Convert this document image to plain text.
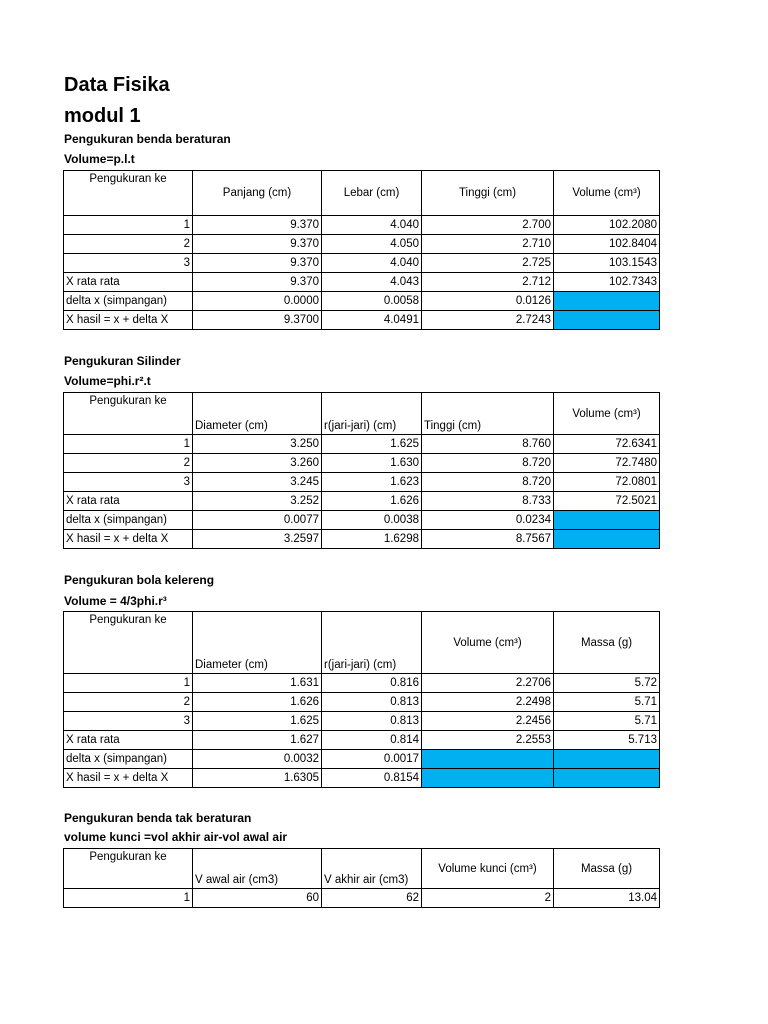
Data Fisika
modul 1
Pengukuran benda beraturan
Volume=p.l.t
Pengukuran ke	Panjang (cm)	Lebar (cm)	Tinggi (cm)	Volume (cm³)
1	9.370	4.040	2.700	102.2080
2	9.370	4.050	2.710	102.8404
3	9.370	4.040	2.725	103.1543
X rata rata	9.370	4.043	2.712	102.7343
delta x (simpangan)	0.0000	0.0058	0.0126	
X hasil = x + delta X	9.3700	4.0491	2.7243	
Pengukuran Silinder
Volume=phi.r².t
Pengukuran ke	Diameter (cm)	r(jari-jari) (cm)	Tinggi (cm)	Volume (cm³)
1	3.250	1.625	8.760	72.6341
2	3.260	1.630	8.720	72.7480
3	3.245	1.623	8.720	72.0801
X rata rata	3.252	1.626	8.733	72.5021
delta x (simpangan)	0.0077	0.0038	0.0234	
X hasil = x + delta X	3.2597	1.6298	8.7567	
Pengukuran bola kelereng
Volume = 4/3phi.r³
Pengukuran ke	Diameter (cm)	r(jari-jari) (cm)	Volume (cm³)	Massa (g)
1	1.631	0.816	2.2706	5.72
2	1.626	0.813	2.2498	5.71
3	1.625	0.813	2.2456	5.71
X rata rata	1.627	0.814	2.2553	5.713
delta x (simpangan)	0.0032	0.0017		
X hasil = x + delta X	1.6305	0.8154		
Pengukuran benda tak beraturan
volume kunci =vol akhir air-vol awal air
Pengukuran ke	V awal air (cm3)	V akhir air (cm3)	Volume kunci (cm³)	Massa (g)
1	60	62	2	13.04
